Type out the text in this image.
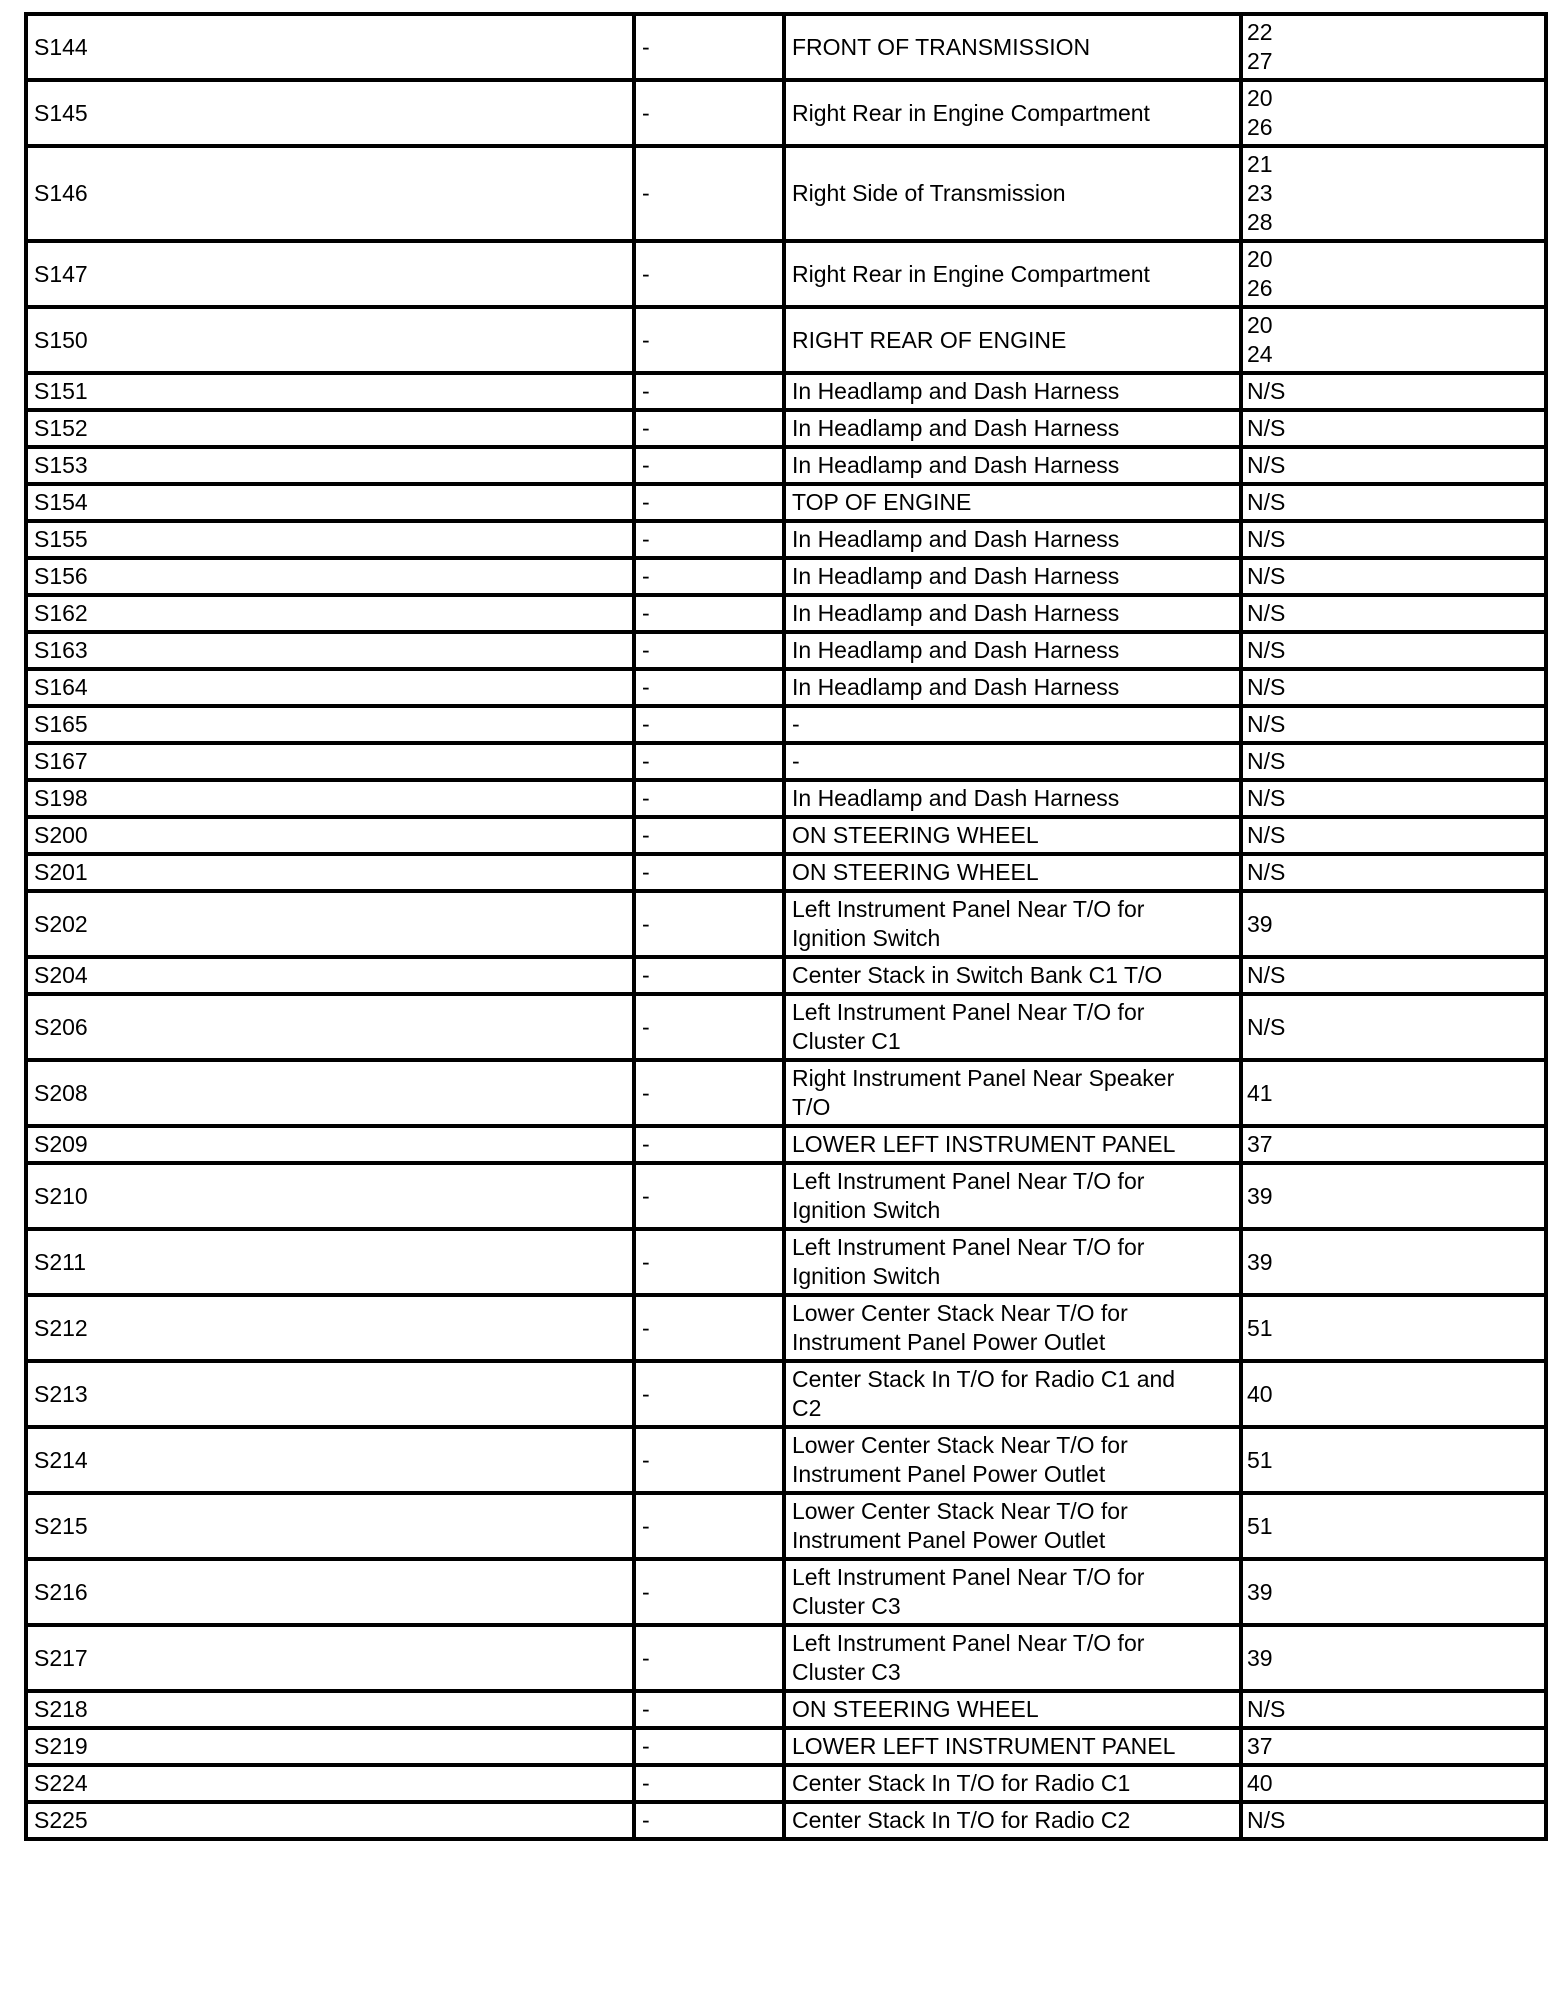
S144	-	FRONT OF TRANSMISSION	22
27
S145	-	Right Rear in Engine Compartment	20
26
S146	-	Right Side of Transmission	21
23
28
S147	-	Right Rear in Engine Compartment	20
26
S150	-	RIGHT REAR OF ENGINE	20
24
S151	-	In Headlamp and Dash Harness	N/S
S152	-	In Headlamp and Dash Harness	N/S
S153	-	In Headlamp and Dash Harness	N/S
S154	-	TOP OF ENGINE	N/S
S155	-	In Headlamp and Dash Harness	N/S
S156	-	In Headlamp and Dash Harness	N/S
S162	-	In Headlamp and Dash Harness	N/S
S163	-	In Headlamp and Dash Harness	N/S
S164	-	In Headlamp and Dash Harness	N/S
S165	-	-	N/S
S167	-	-	N/S
S198	-	In Headlamp and Dash Harness	N/S
S200	-	ON STEERING WHEEL	N/S
S201	-	ON STEERING WHEEL	N/S
S202	-	Left Instrument Panel Near T/O for
Ignition Switch	39
S204	-	Center Stack in Switch Bank C1 T/O	N/S
S206	-	Left Instrument Panel Near T/O for
Cluster C1	N/S
S208	-	Right Instrument Panel Near Speaker
T/O	41
S209	-	LOWER LEFT INSTRUMENT PANEL	37
S210	-	Left Instrument Panel Near T/O for
Ignition Switch	39
S211	-	Left Instrument Panel Near T/O for
Ignition Switch	39
S212	-	Lower Center Stack Near T/O for
Instrument Panel Power Outlet	51
S213	-	Center Stack In T/O for Radio C1 and
C2	40
S214	-	Lower Center Stack Near T/O for
Instrument Panel Power Outlet	51
S215	-	Lower Center Stack Near T/O for
Instrument Panel Power Outlet	51
S216	-	Left Instrument Panel Near T/O for
Cluster C3	39
S217	-	Left Instrument Panel Near T/O for
Cluster C3	39
S218	-	ON STEERING WHEEL	N/S
S219	-	LOWER LEFT INSTRUMENT PANEL	37
S224	-	Center Stack In T/O for Radio C1	40
S225	-	Center Stack In T/O for Radio C2	N/S
